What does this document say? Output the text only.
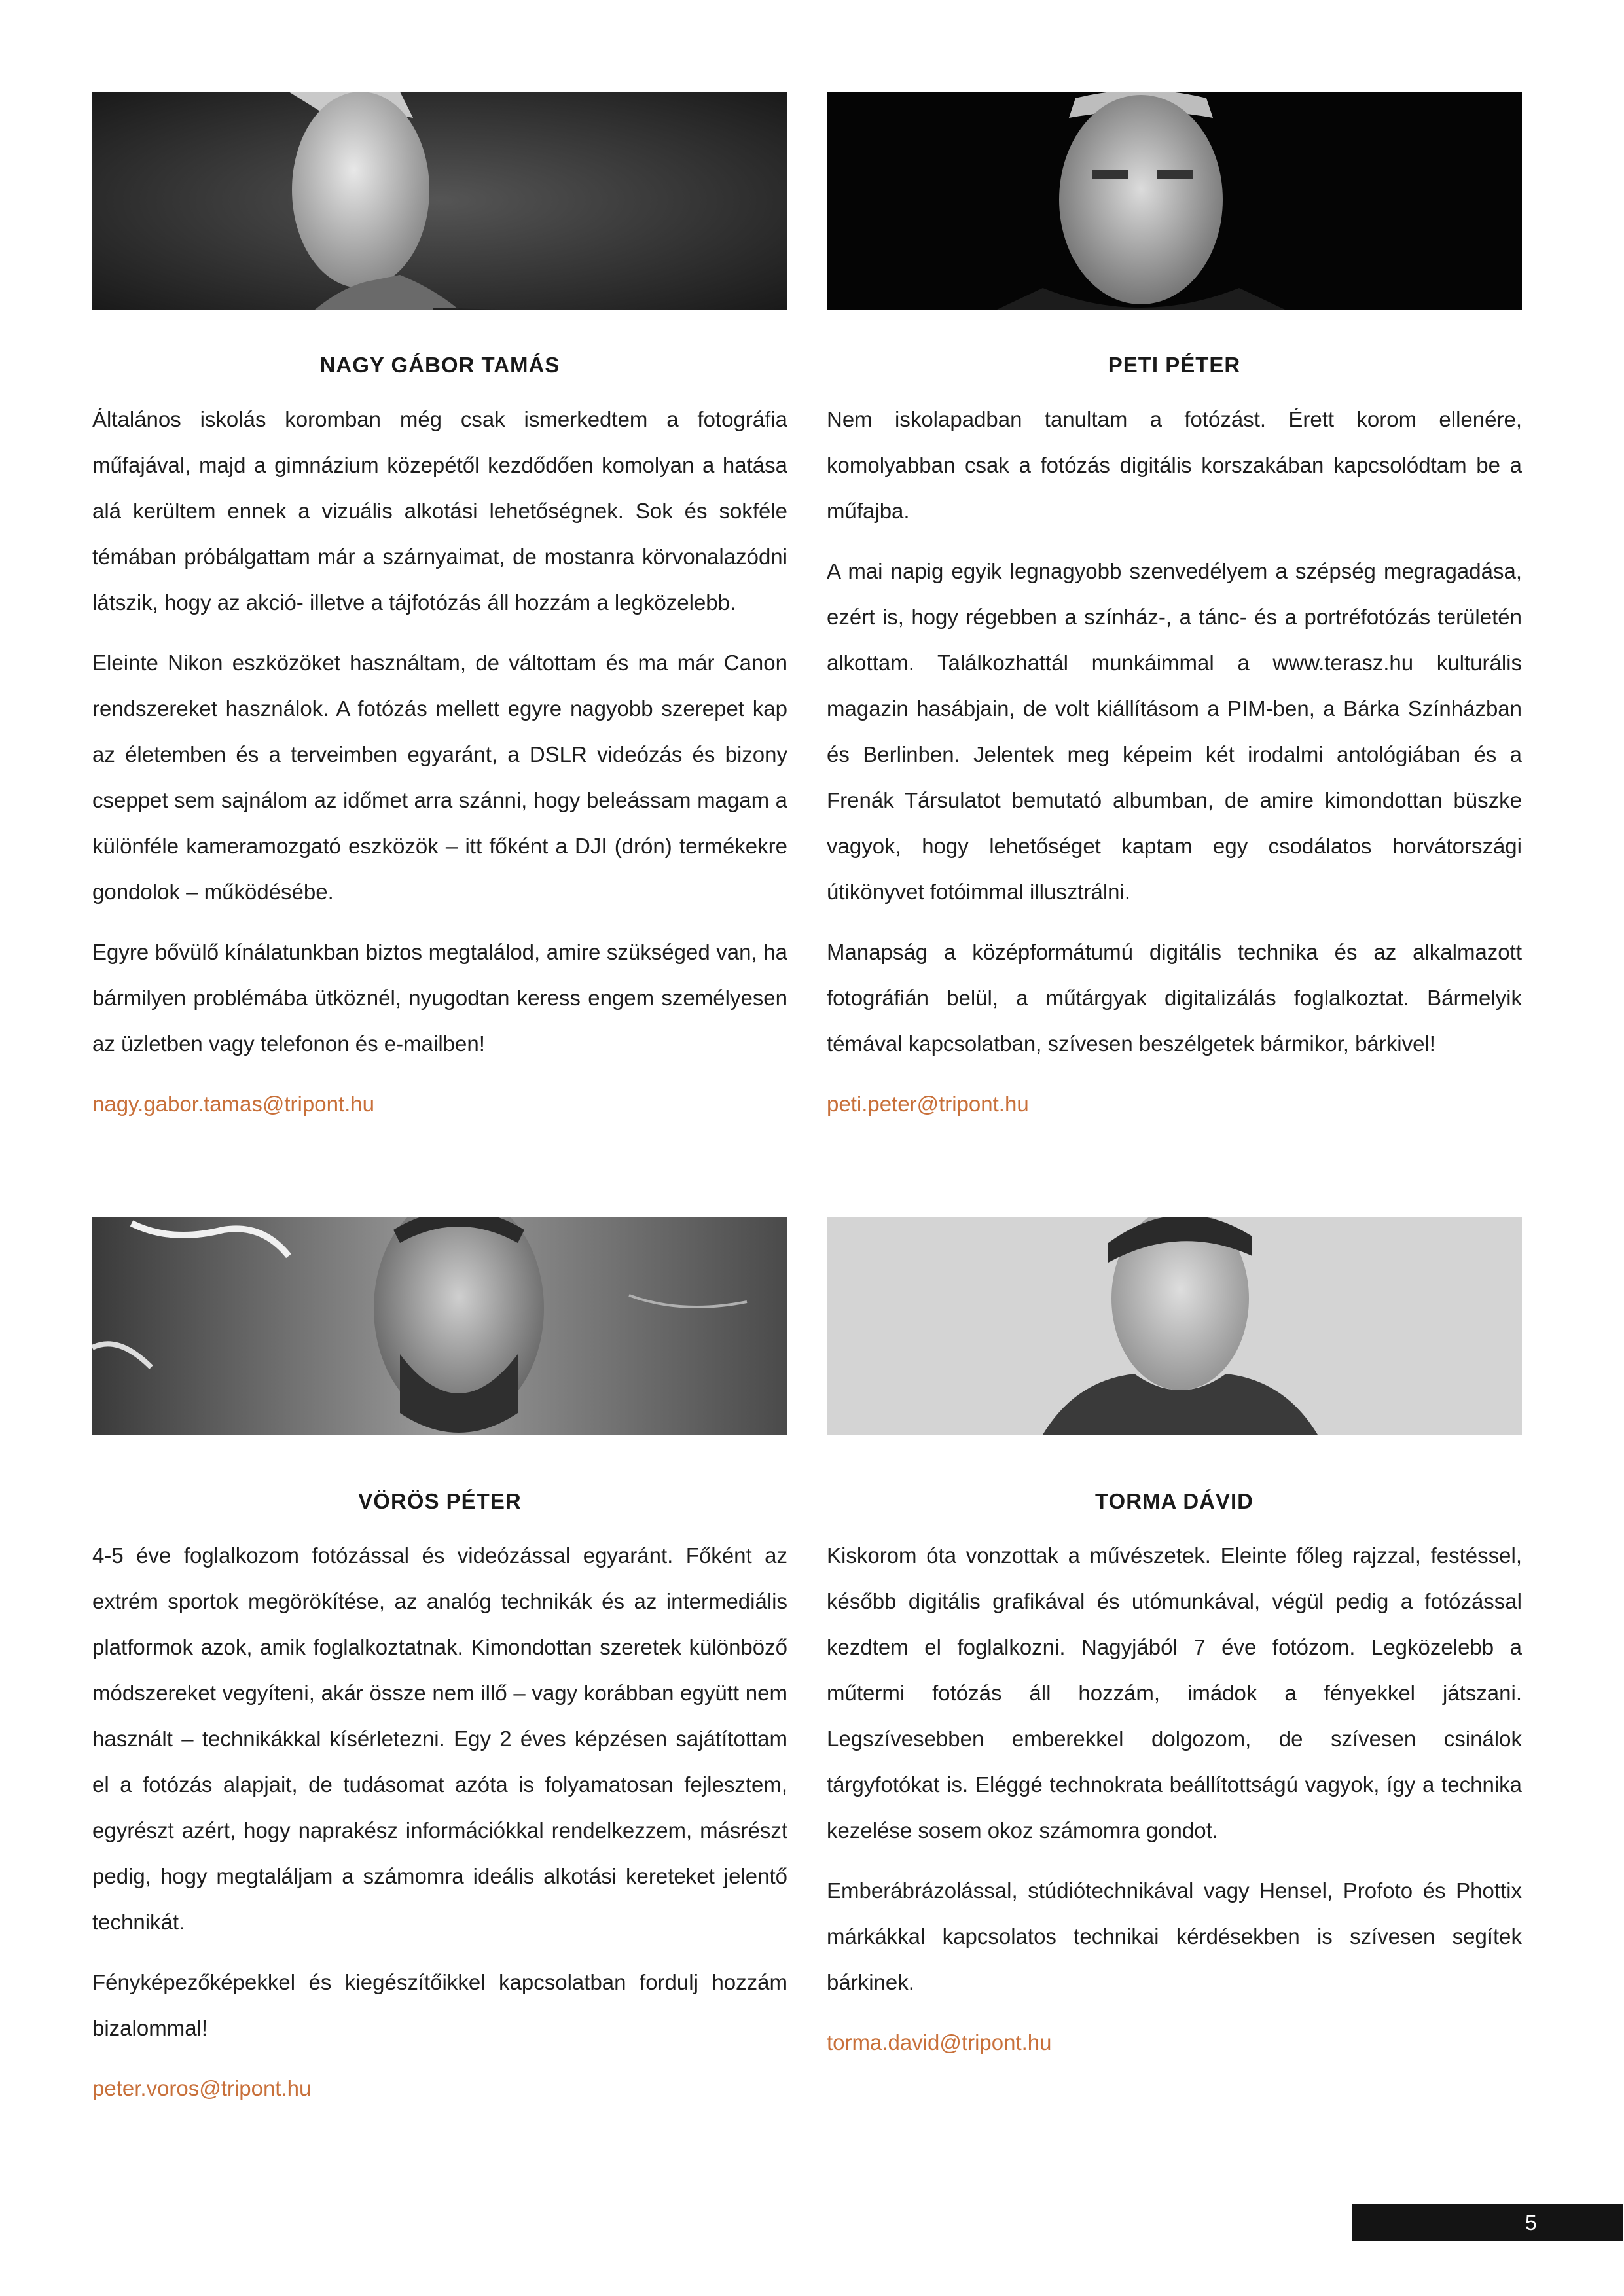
NAGY GÁBOR TAMÁS

Általános iskolás koromban még csak ismerkedtem a fotográfia műfajával, majd a gimnázium közepétől kezdődően komolyan a hatása alá kerültem ennek a vizuális alkotási lehetőségnek. Sok és sokféle témában próbálgattam már a szárnyaimat, de mostanra körvonalazódni látszik, hogy az akció- illetve a tájfotózás áll hozzám a legközelebb.

Eleinte Nikon eszközöket használtam, de váltottam és ma már Canon rendszereket használok. A fotózás mellett egyre nagyobb szerepet kap az életemben és a terveimben egyaránt, a DSLR videózás és bizony cseppet sem sajnálom az időmet arra szánni, hogy beleássam magam a különféle kameramozgató eszközök – itt főként a DJI (drón) termékekre gondolok – működésébe.

Egyre bővülő kínálatunkban biztos megtalálod, amire szükséged van, ha bármilyen problémába ütköznél, nyugodtan keress engem személyesen az üzletben vagy telefonon és e-mailben!

nagy.gabor.tamas@tripont.hu

PETI PÉTER

Nem iskolapadban tanultam a fotózást. Érett korom ellenére, komolyabban csak a fotózás digitális korszakában kapcsolódtam be a műfajba.

A mai napig egyik legnagyobb szenvedélyem a szépség megragadása, ezért is, hogy régebben a színház-, a tánc- és a portréfotózás területén alkottam. Találkozhattál munkáimmal a www.terasz.hu kulturális magazin hasábjain, de volt kiállításom a PIM-ben, a Bárka Színházban és Berlinben. Jelentek meg képeim két irodalmi antológiában és a Frenák Társulatot bemutató albumban, de amire kimondottan büszke vagyok, hogy lehetőséget kaptam egy csodálatos horvátországi útikönyvet fotóimmal illusztrálni.

Manapság a középformátumú digitális technika és az alkalmazott fotográfián belül, a műtárgyak digitalizálás foglalkoztat. Bármelyik témával kapcsolatban, szívesen beszélgetek bármikor, bárkivel!

peti.peter@tripont.hu

VÖRÖS PÉTER

4-5 éve foglalkozom fotózással és videózással egyaránt. Főként az extrém sportok megörökítése, az analóg technikák és az intermediális platformok azok, amik foglalkoztatnak. Kimondottan szeretek különböző módszereket vegyíteni, akár össze nem illő – vagy korábban együtt nem használt – technikákkal kísérletezni. Egy 2 éves képzésen sajátítottam el a fotózás alapjait, de tudásomat azóta is folyamatosan fejlesztem, egyrészt azért, hogy naprakész információkkal rendelkezzem, másrészt pedig, hogy megtaláljam a számomra ideális alkotási kereteket jelentő technikát.

Fényképezőképekkel és kiegészítőikkel kapcsolatban fordulj hozzám bizalommal!

peter.voros@tripont.hu

TORMA DÁVID

Kiskorom óta vonzottak a művészetek. Eleinte főleg rajzzal, festéssel, később digitális grafikával és utómunkával, végül pedig a fotózással kezdtem el foglalkozni. Nagyjából 7 éve fotózom. Legközelebb a műtermi fotózás áll hozzám, imádok a fényekkel játszani. Legszívesebben emberekkel dolgozom, de szívesen csinálok tárgyfotókat is. Eléggé technokrata beállítottságú vagyok, így a technika kezelése sosem okoz számomra gondot.

Emberábrázolással, stúdiótechnikával vagy Hensel, Profoto és Phottix márkákkal kapcsolatos technikai kérdésekben is szívesen segítek bárkinek.

torma.david@tripont.hu

5
